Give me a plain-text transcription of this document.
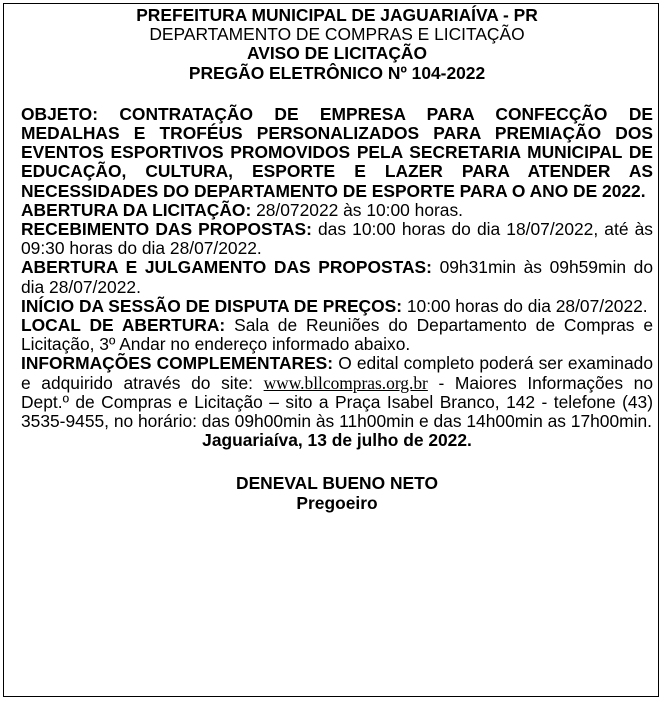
PREFEITURA MUNICIPAL DE JAGUARIAÍVA - PR

DEPARTAMENTO DE COMPRAS E LICITAÇÃO

AVISO DE LICITAÇÃO

PREGÃO ELETRÔNICO Nº 104-2022

OBJETO: CONTRATAÇÃO DE EMPRESA PARA CONFECÇÃO DE MEDALHAS E TROFÉUS PERSONALIZADOS PARA PREMIAÇÃO DOS EVENTOS ESPORTIVOS PROMOVIDOS PELA SECRETARIA MUNICIPAL DE EDUCAÇÃO, CULTURA, ESPORTE E LAZER PARA ATENDER AS NECESSIDADES DO DEPARTAMENTO DE ESPORTE PARA O ANO DE 2022.

ABERTURA DA LICITAÇÃO: 28/072022 às 10:00 horas.

RECEBIMENTO DAS PROPOSTAS: das 10:00 horas do dia 18/07/2022, até às 09:30 horas do dia 28/07/2022.

ABERTURA E JULGAMENTO DAS PROPOSTAS: 09h31min às 09h59min do dia 28/07/2022.

INÍCIO DA SESSÃO DE DISPUTA DE PREÇOS: 10:00 horas do dia 28/07/2022.

LOCAL DE ABERTURA: Sala de Reuniões do Departamento de Compras e Licitação, 3º Andar no endereço informado abaixo.

INFORMAÇÕES COMPLEMENTARES: O edital completo poderá ser examinado e adquirido através do site: www.bllcompras.org.br - Maiores Informações no Dept.º de Compras e Licitação – sito a Praça Isabel Branco, 142 - telefone (43) 3535-9455, no horário: das 09h00min às 11h00min e das 14h00min as 17h00min.

Jaguariaíva, 13 de julho de 2022.

DENEVAL BUENO NETO

Pregoeiro
